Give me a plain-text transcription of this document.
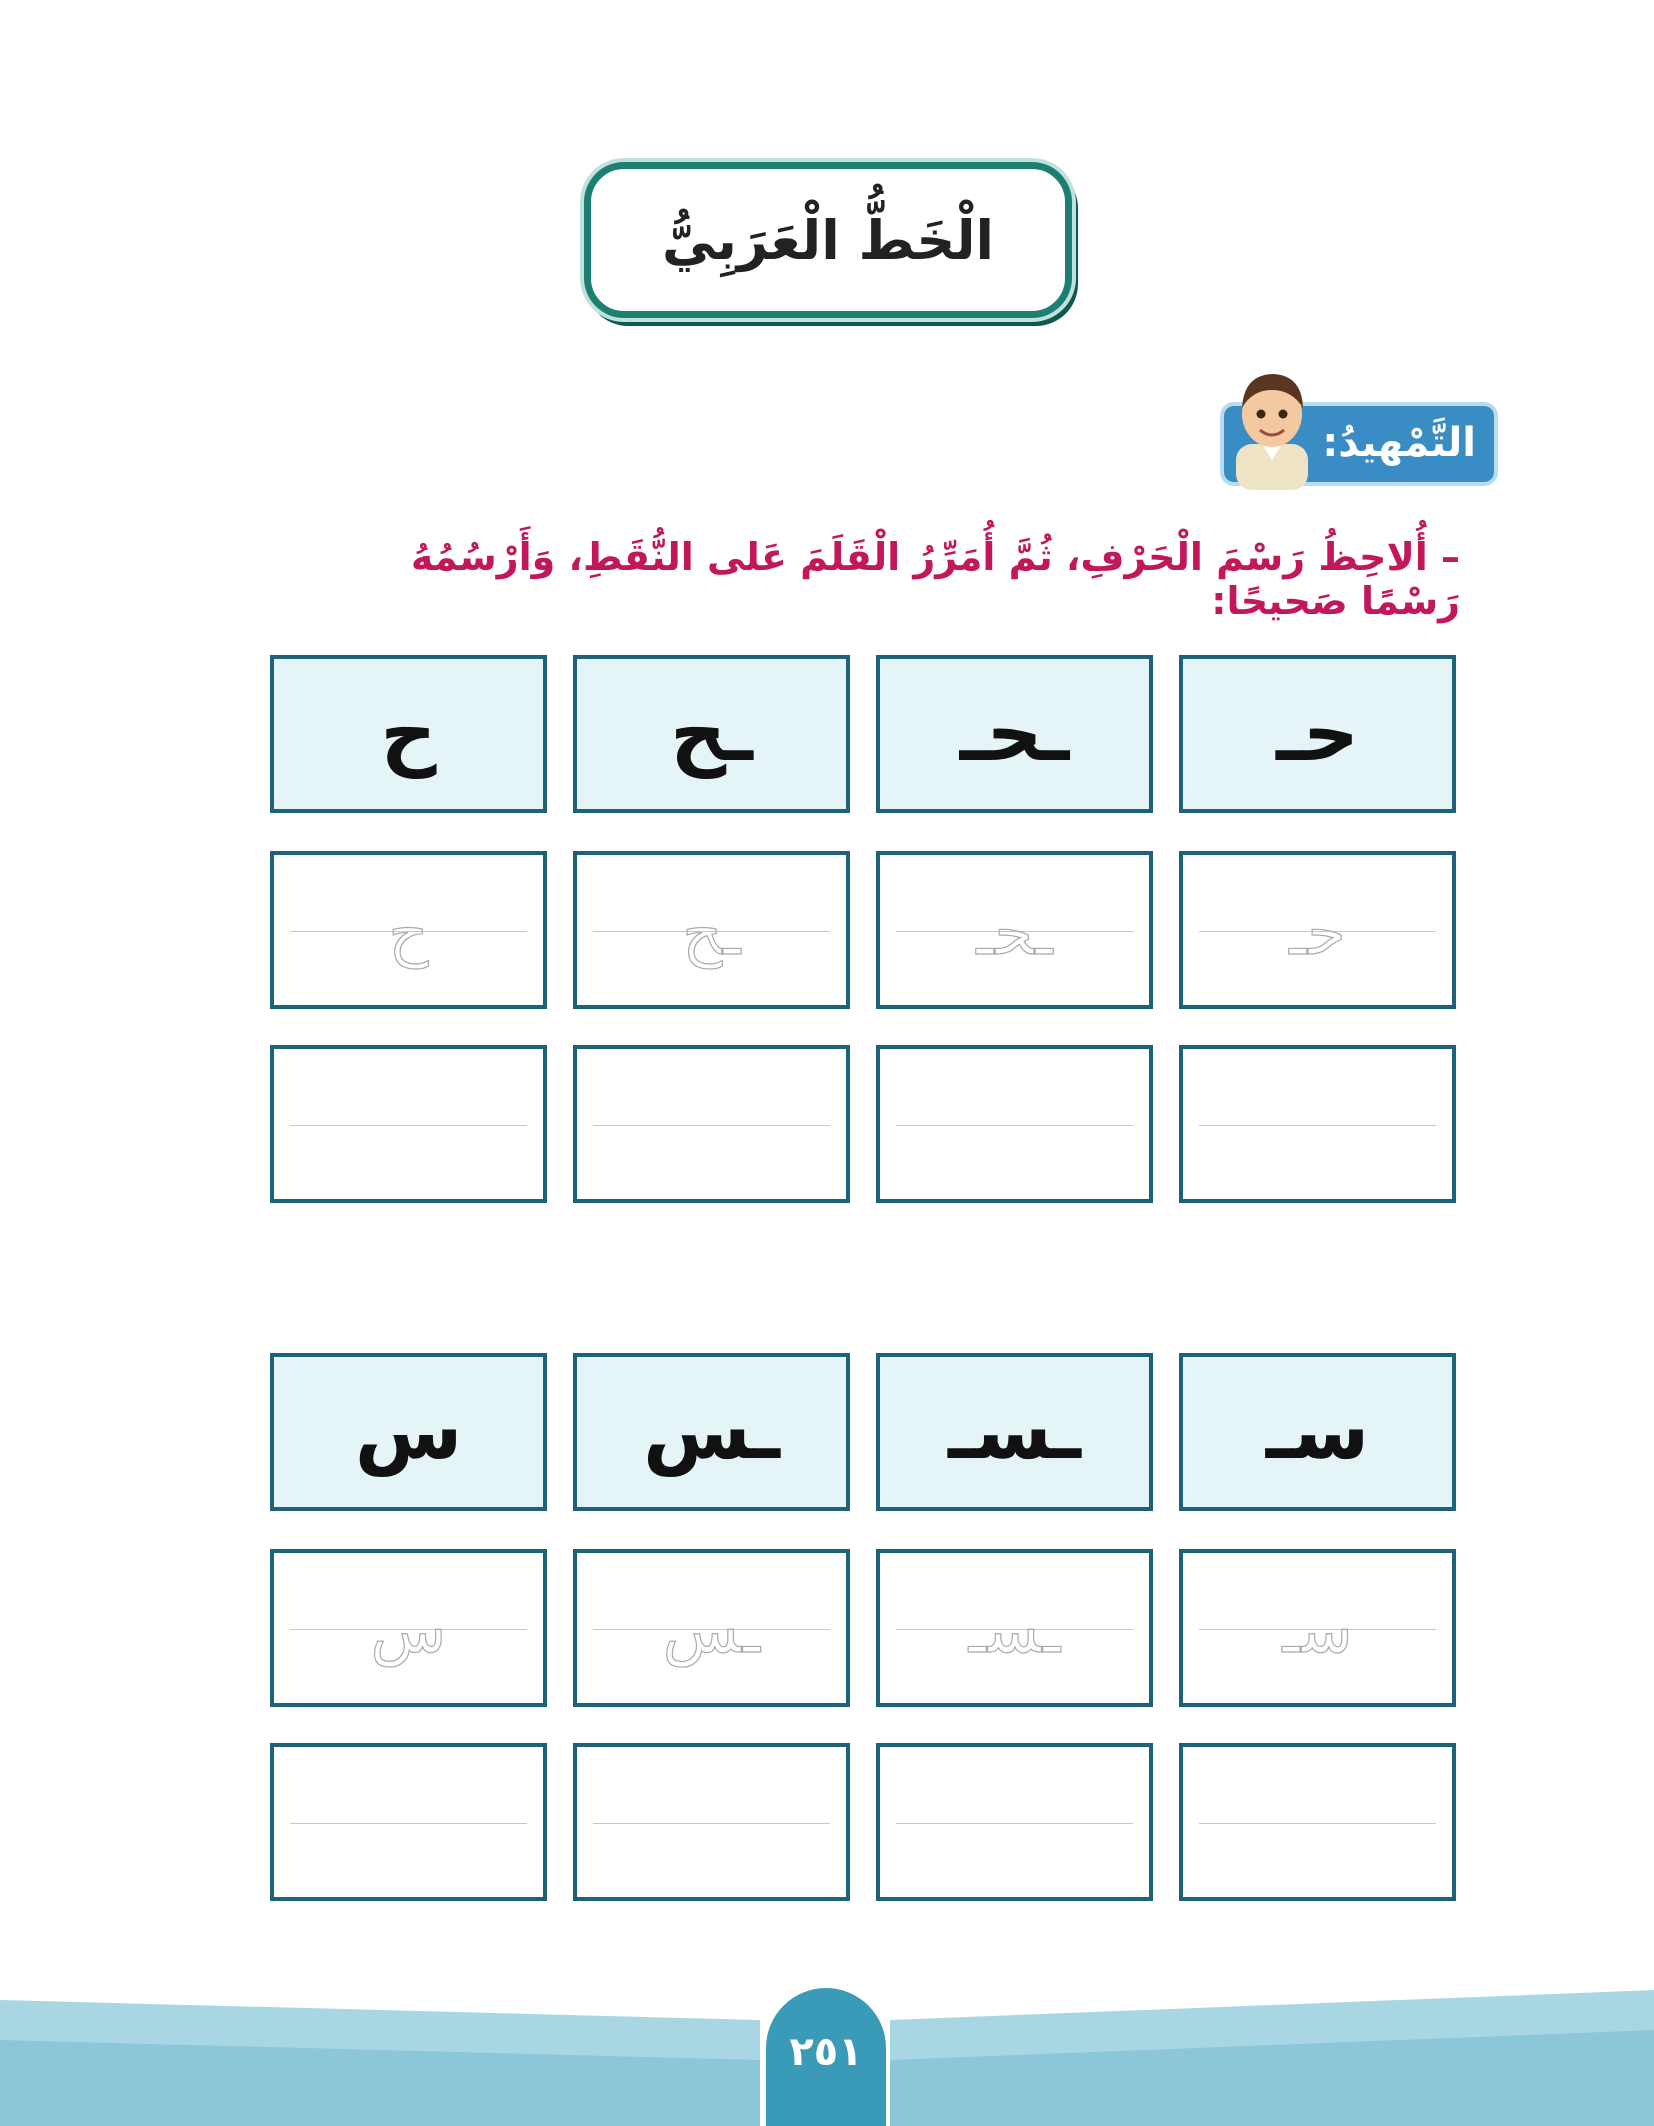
الْخَطُّ الْعَرَبِيُّ
التَّمْهيدُ:
– أُلاحِظُ رَسْمَ الْحَرْفِ، ثُمَّ أُمَرِّرُ الْقَلَمَ عَلى النُّقَطِ، وَأَرْسُمُهُ رَسْمًا صَحيحًا:
حـ
ـحـ
ـح
ح
حـ
ـحـ
ـح
ح
سـ
ـسـ
ـس
س
سـ
ـسـ
ـس
س
٢٥١
